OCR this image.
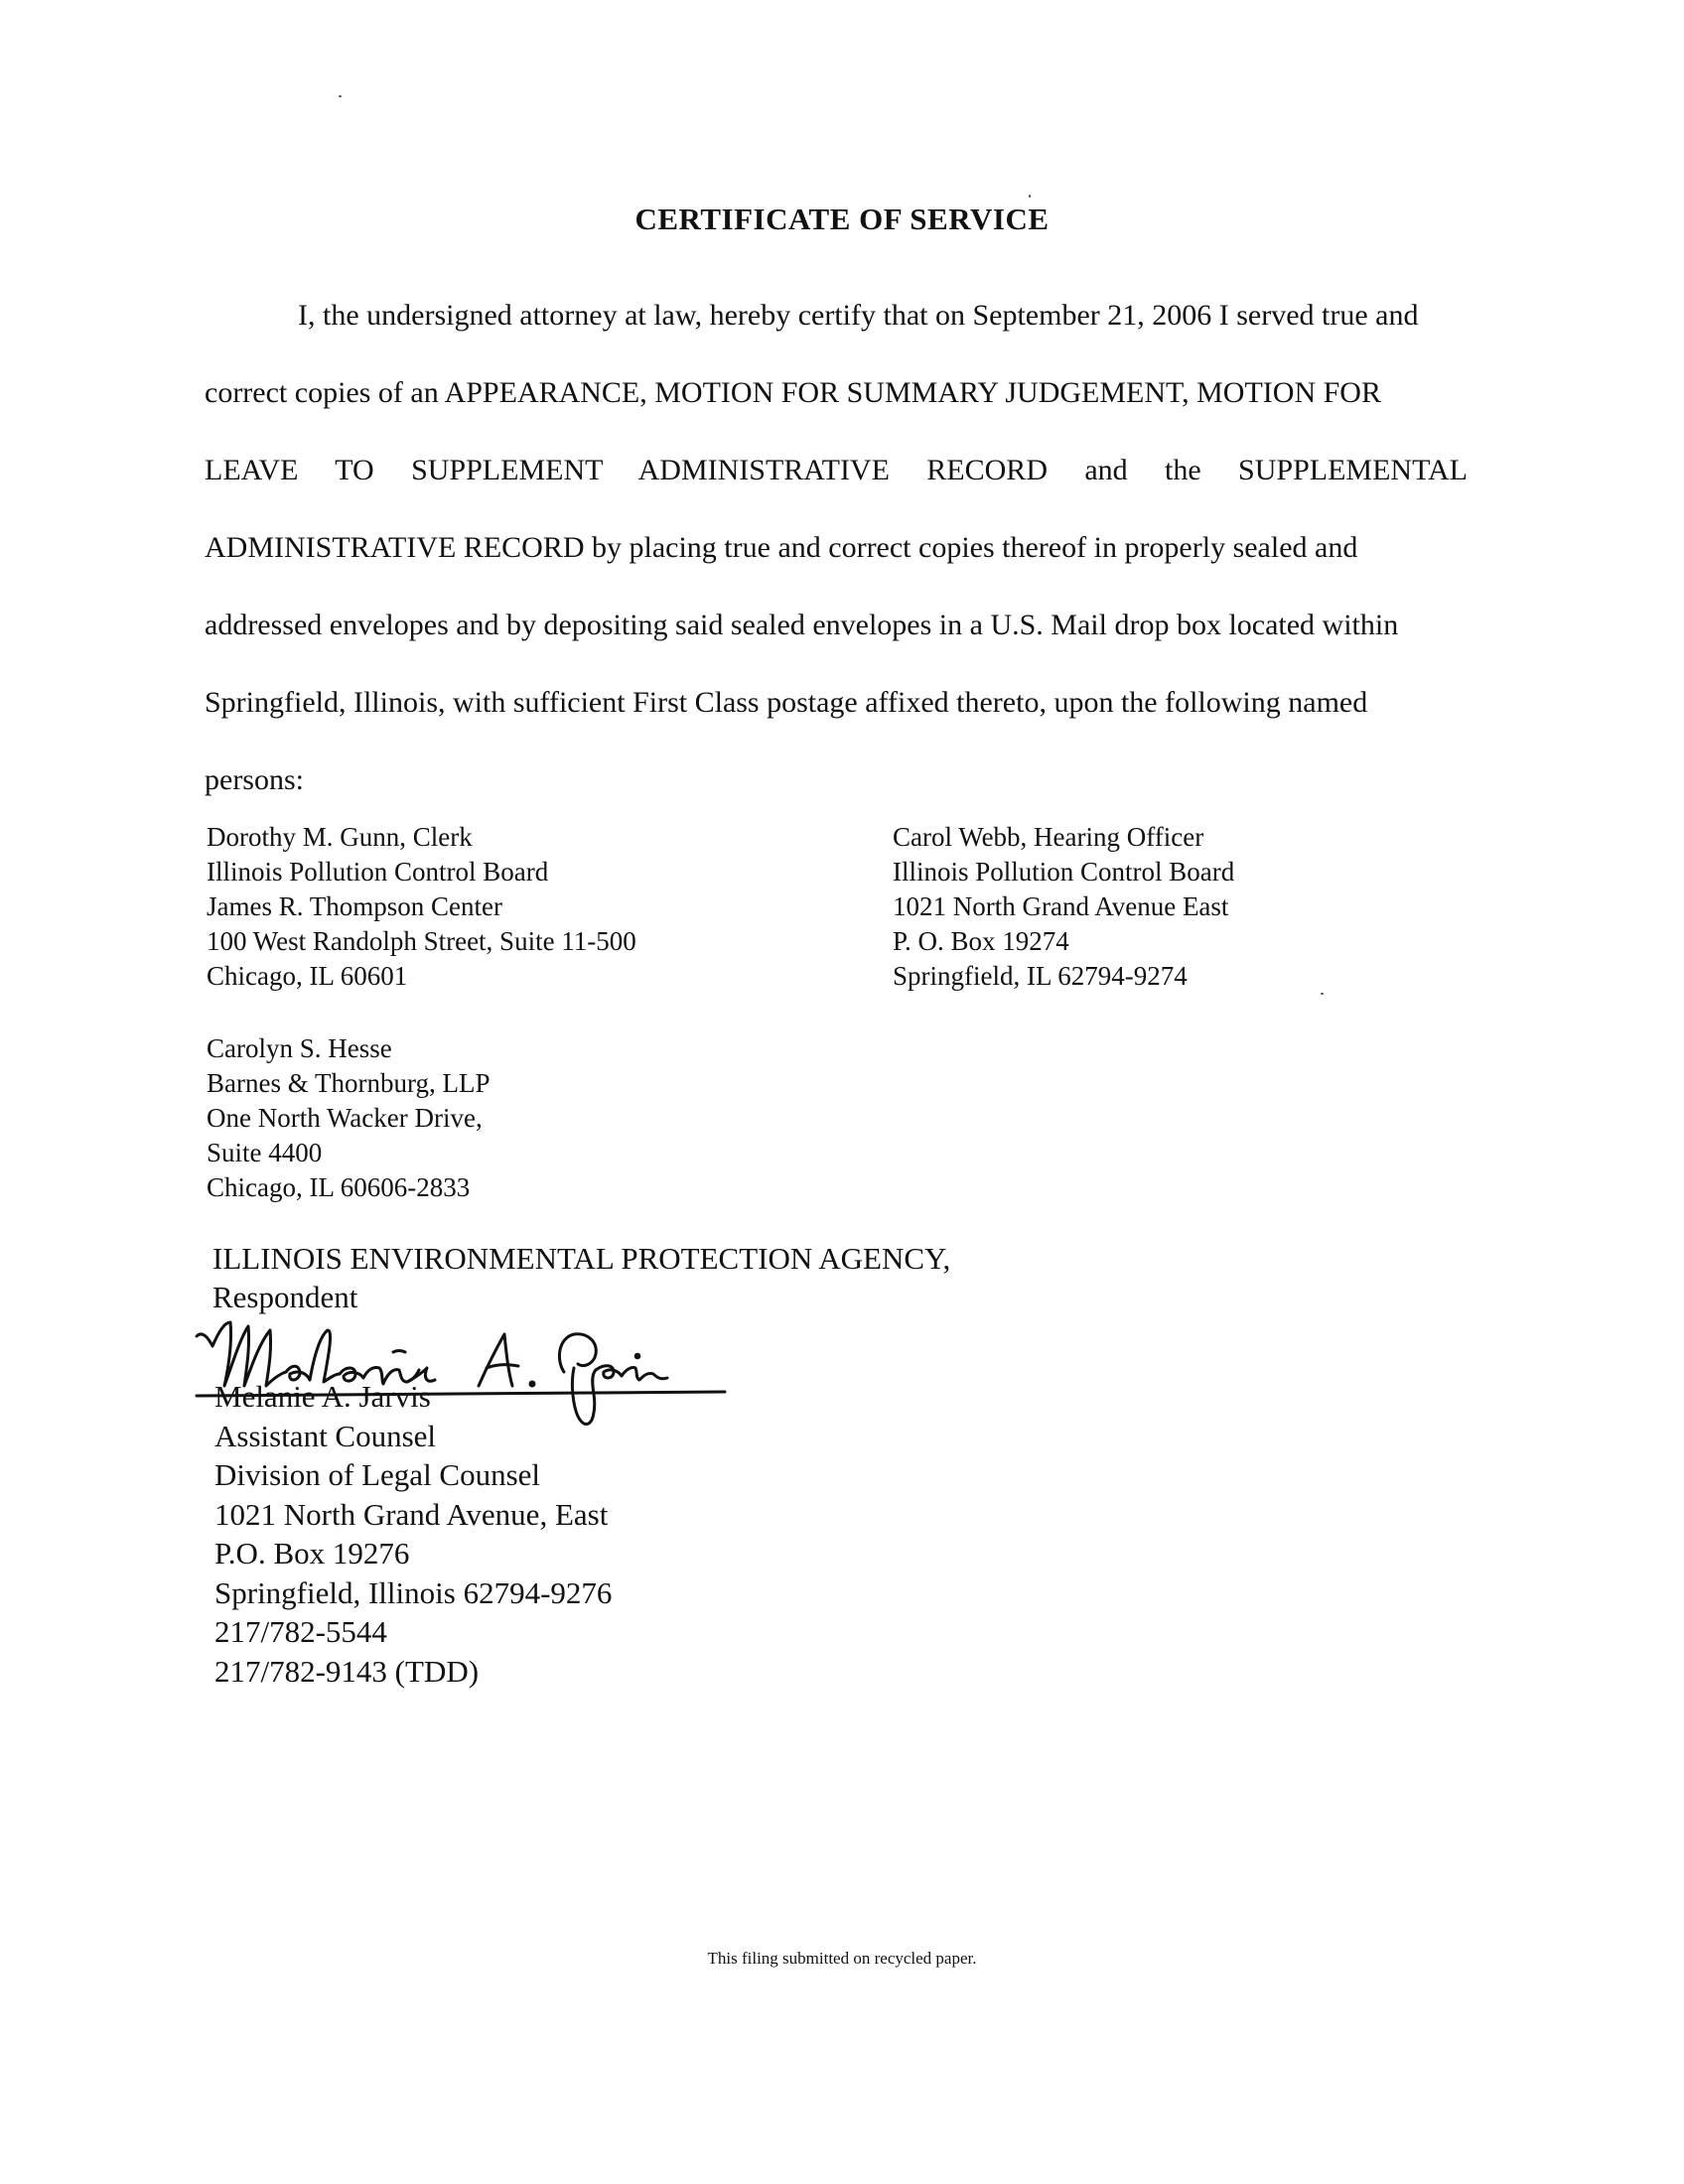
CERTIFICATE OF SERVICE
I, the undersigned attorney at law, hereby certify that on September 21, 2006 I served true and
correct copies of an APPEARANCE, MOTION FOR SUMMARY JUDGEMENT, MOTION FOR
LEAVE TO SUPPLEMENT ADMINISTRATIVE RECORD and the SUPPLEMENTAL
ADMINISTRATIVE RECORD by placing true and correct copies thereof in properly sealed and
addressed envelopes and by depositing said sealed envelopes in a U.S. Mail drop box located within
Springfield, Illinois, with sufficient First Class postage affixed thereto, upon the following named
persons:
Dorothy M. Gunn, Clerk
Illinois Pollution Control Board
James R. Thompson Center
100 West Randolph Street, Suite 11-500
Chicago, IL 60601
Carol Webb, Hearing Officer
Illinois Pollution Control Board
1021 North Grand Avenue East
P. O. Box 19274
Springfield, IL 62794-9274
Carolyn S. Hesse
Barnes & Thornburg, LLP
One North Wacker Drive,
Suite 4400
Chicago, IL 60606-2833
ILLINOIS ENVIRONMENTAL PROTECTION AGENCY,
Respondent
Melanie A. Jarvis
Melanie A. Jarvis
Assistant Counsel
Division of Legal Counsel
1021 North Grand Avenue, East
P.O. Box 19276
Springfield, Illinois 62794-9276
217/782-5544
217/782-9143 (TDD)
This filing submitted on recycled paper.
